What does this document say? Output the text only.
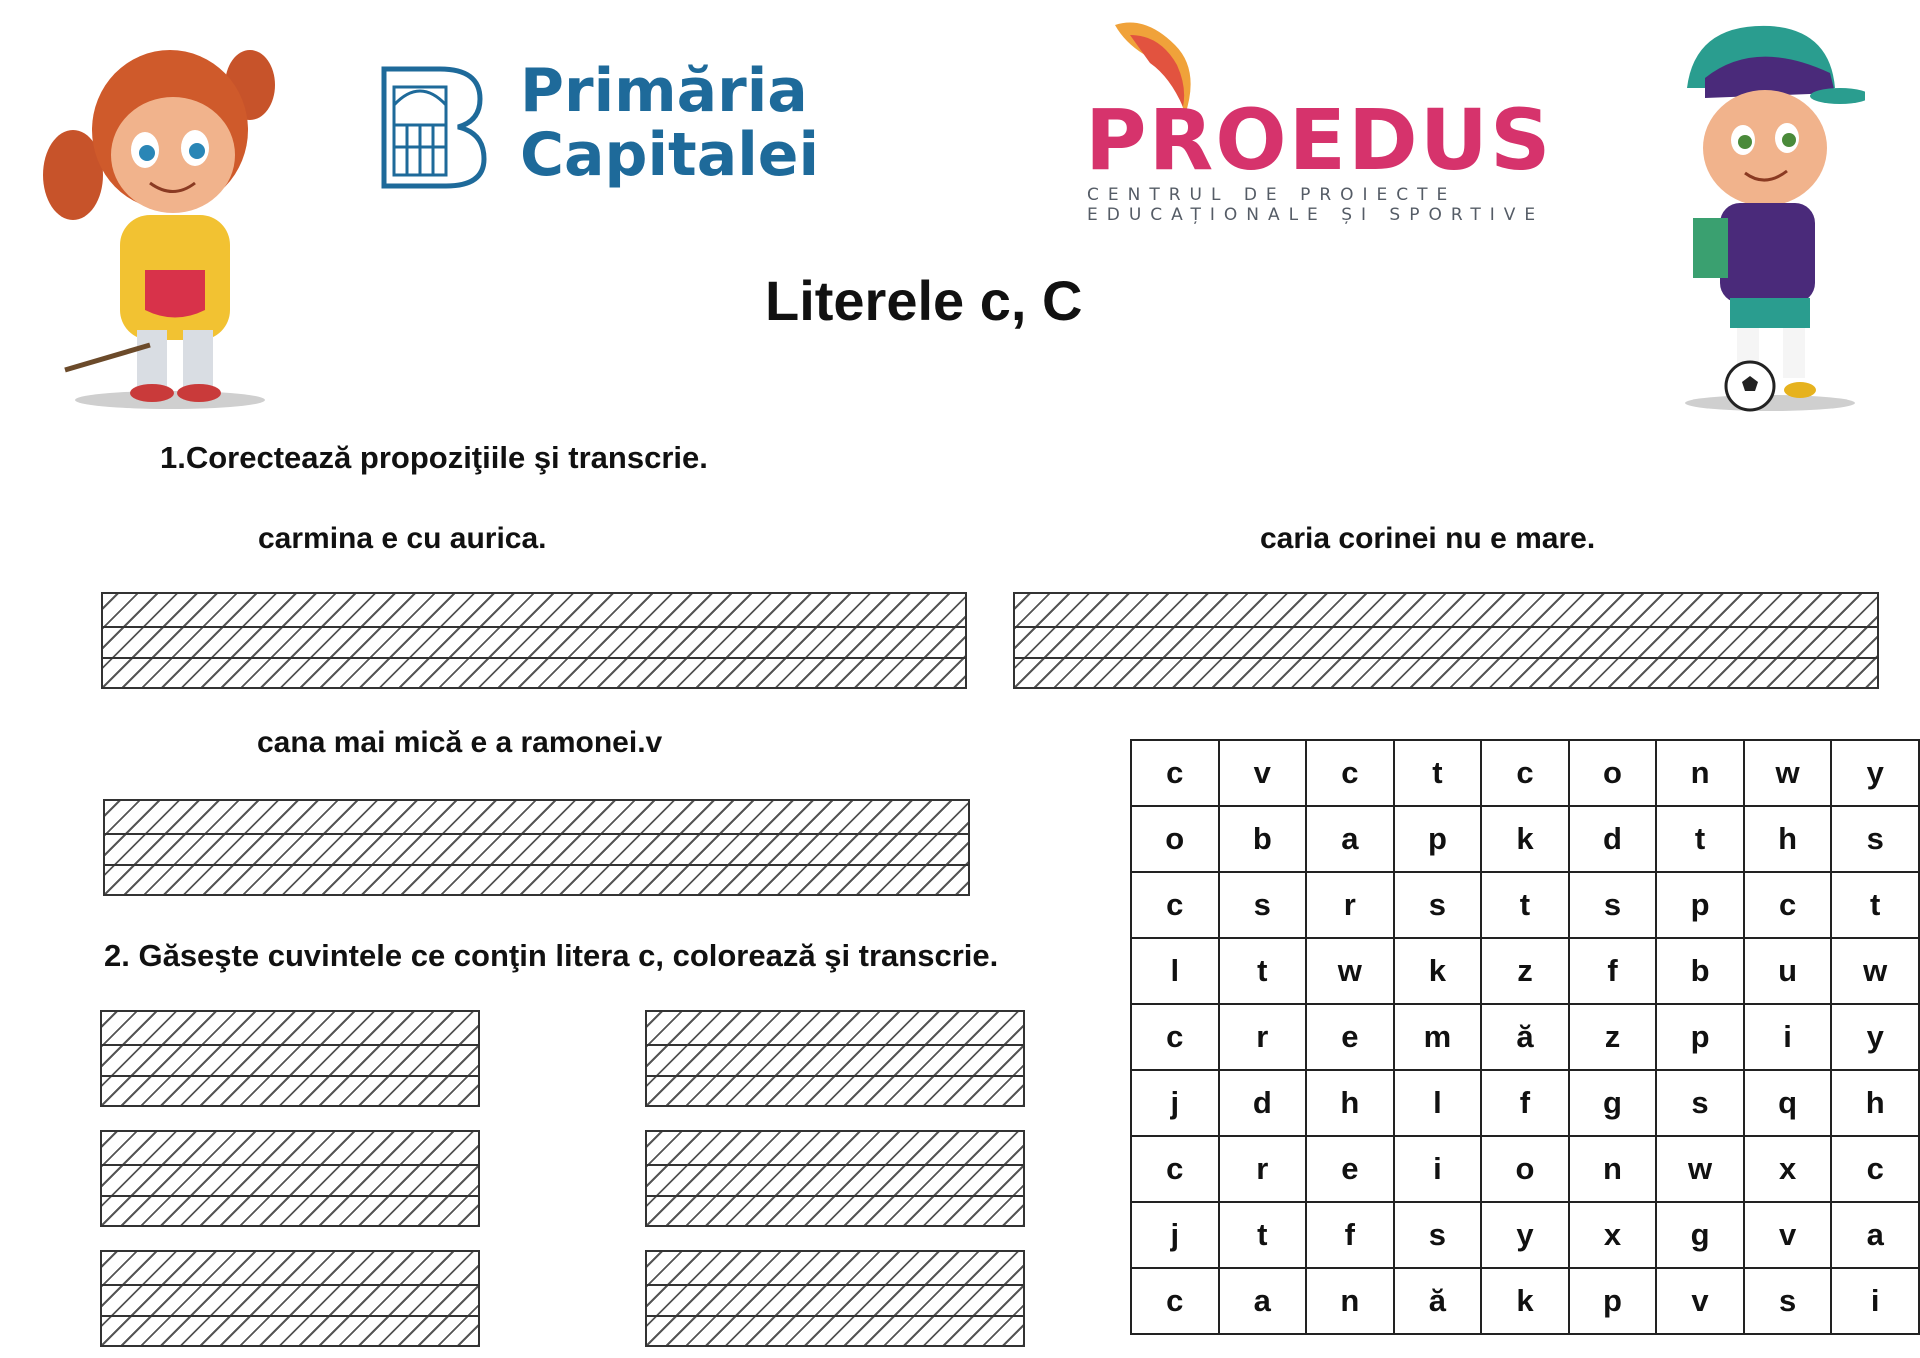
Primăria
Capitalei	PROEDUS
CENTRUL DE PROIECTE
EDUCAȚIONALE ȘI SPORTIVE
Literele c, C
1.Corectează propoziţiile şi transcrie.
carmina e cu aurica.	caria corinei nu e mare.
cana mai mică e a ramonei.v
2. Găseşte cuvintele ce conţin litera c, colorează şi transcrie.
c	v	c	t	c	o	n	w	y
o	b	a	p	k	d	t	h	s
c	s	r	s	t	s	p	c	t
l	t	w	k	z	f	b	u	w
c	r	e	m	ă	z	p	i	y
j	d	h	l	f	g	s	q	h
c	r	e	i	o	n	w	x	c
j	t	f	s	y	x	g	v	a
c	a	n	ă	k	p	v	s	i
